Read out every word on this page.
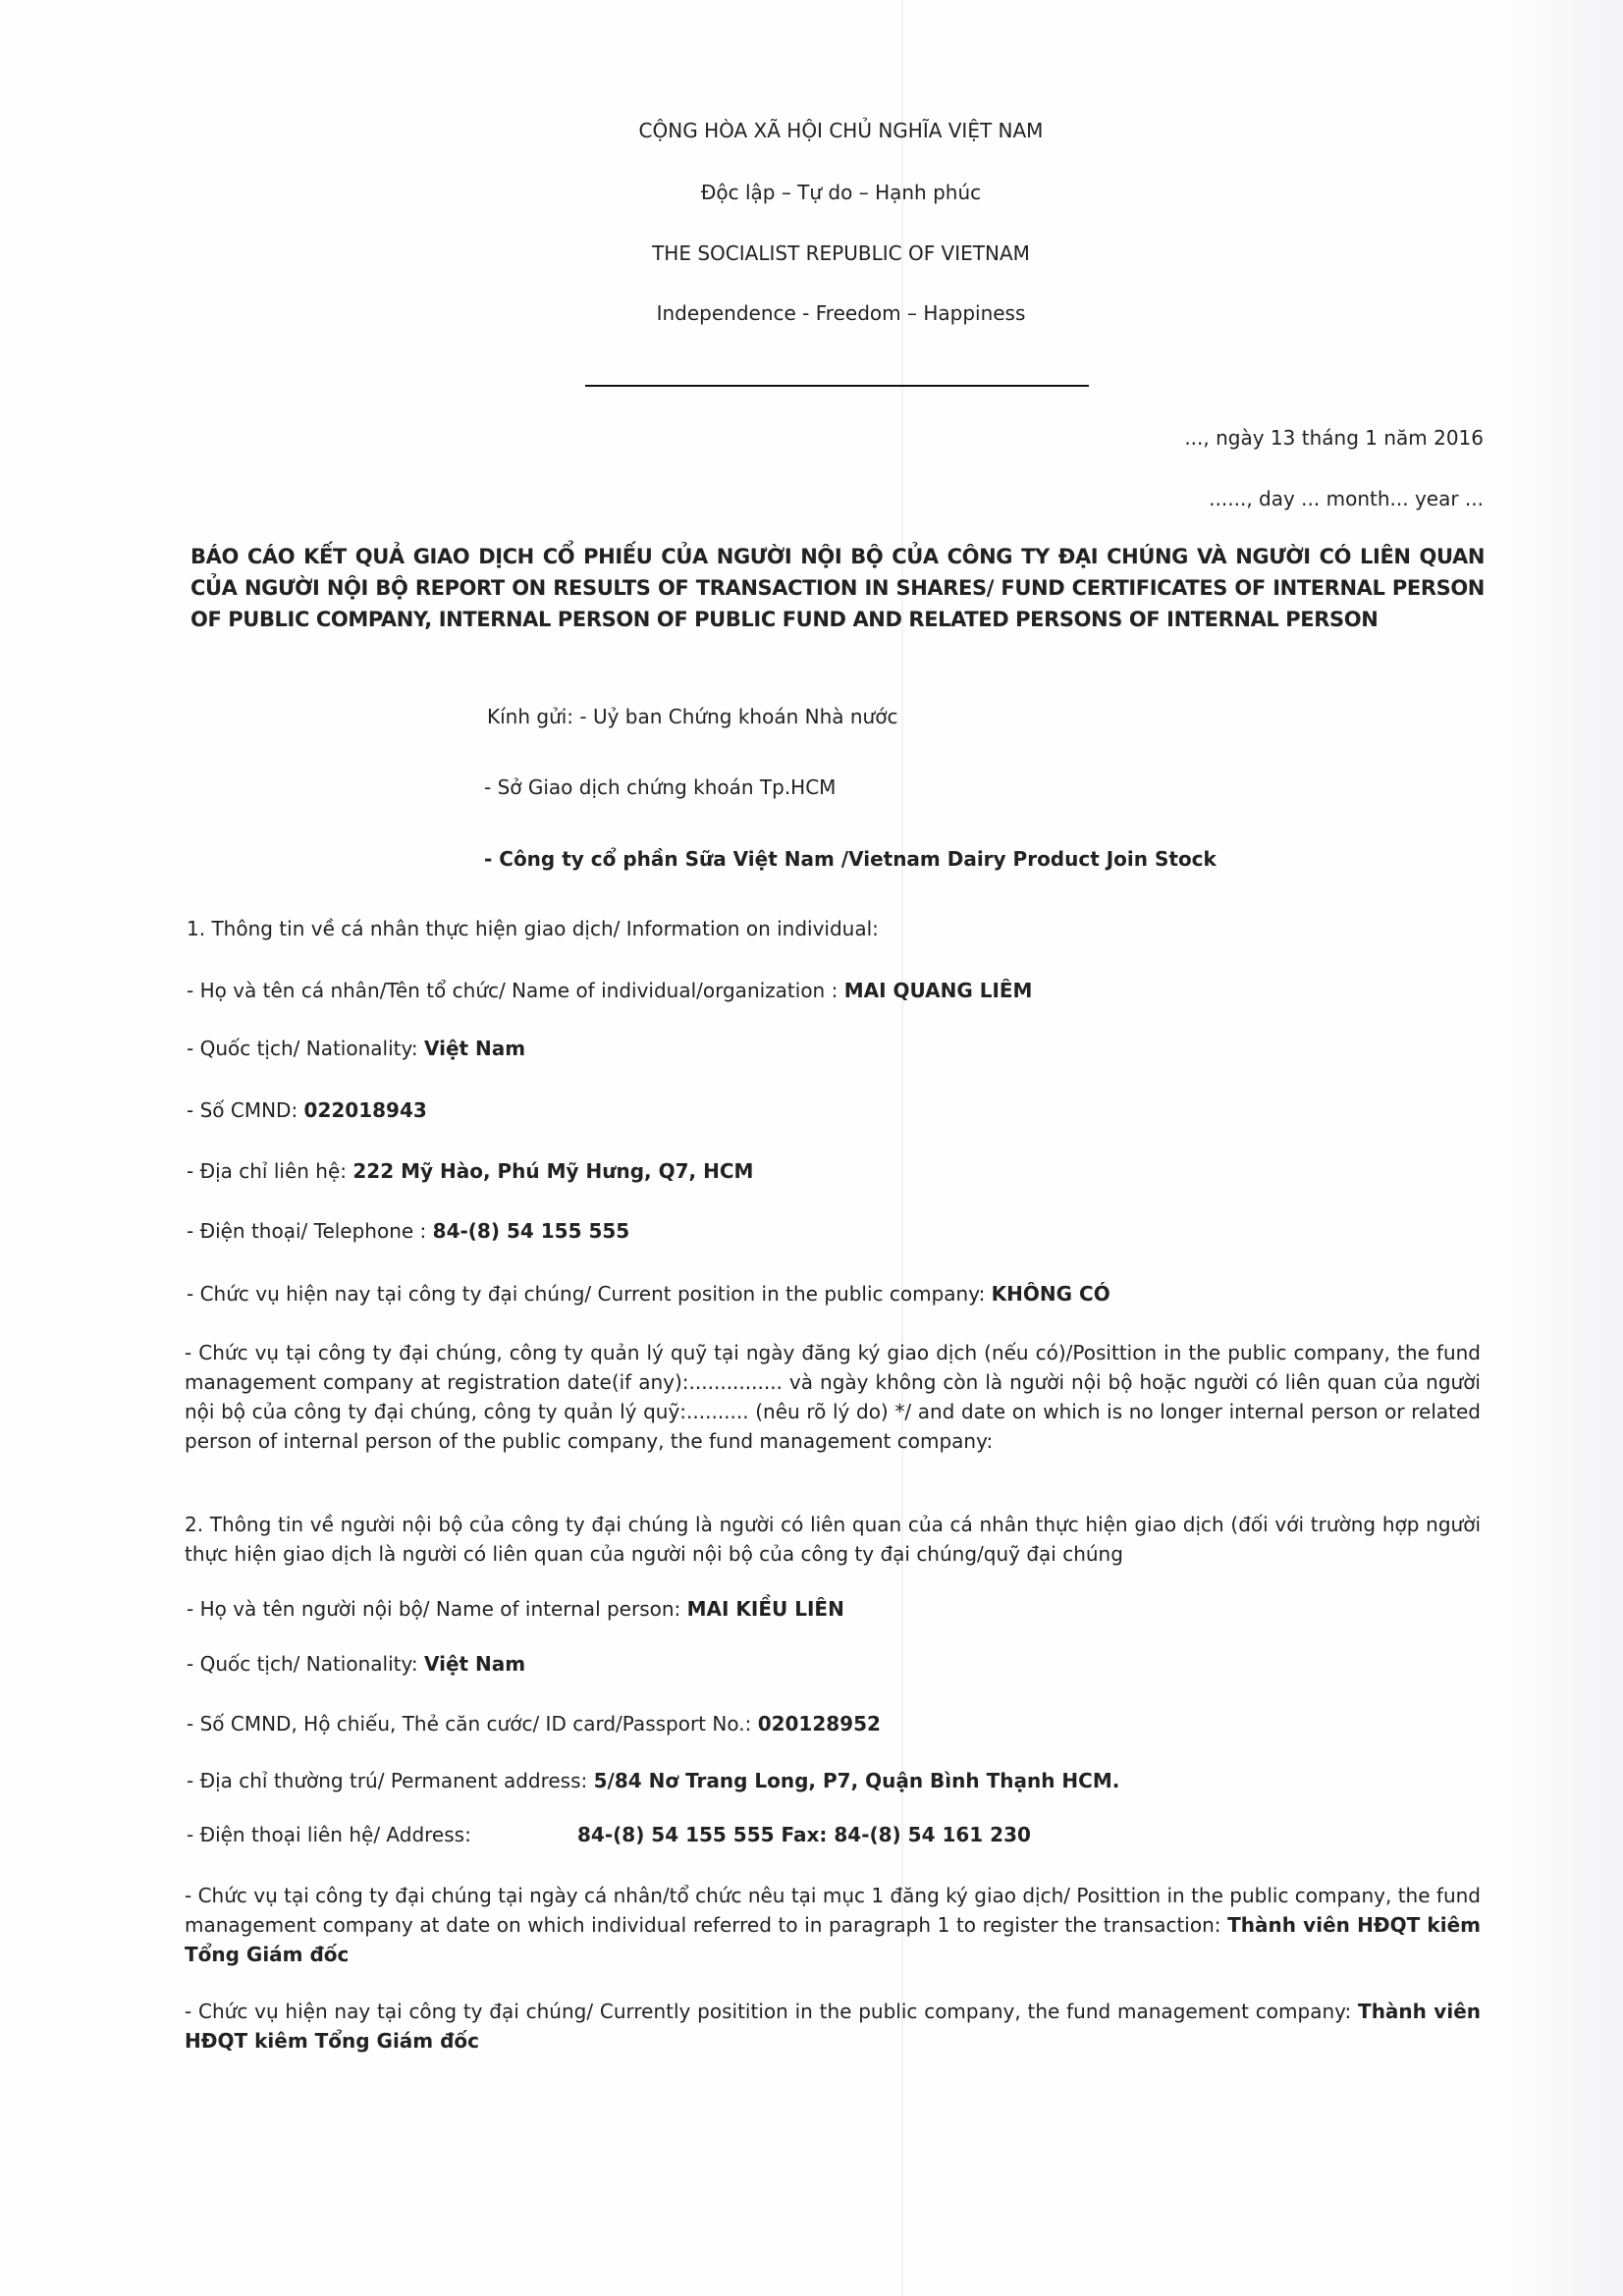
CỘNG HÒA XÃ HỘI CHỦ NGHĨA VIỆT NAM
Độc lập – Tự do – Hạnh phúc
THE SOCIALIST REPUBLIC OF VIETNAM
Independence - Freedom – Happiness
..., ngày 13 tháng 1 năm 2016
......, day ... month... year ...
BÁO CÁO KẾT QUẢ GIAO DỊCH CỔ PHIẾU CỦA NGƯỜI NỘI BỘ CỦA CÔNG TY ĐẠI CHÚNG VÀ NGƯỜI CÓ LIÊN QUAN CỦA NGƯỜI NỘI BỘ REPORT ON RESULTS OF TRANSACTION IN SHARES/ FUND CERTIFICATES OF INTERNAL PERSON OF PUBLIC COMPANY, INTERNAL PERSON OF PUBLIC FUND AND RELATED PERSONS OF INTERNAL PERSON
Kính gửi: - Uỷ ban Chứng khoán Nhà nước
- Sở Giao dịch chứng khoán Tp.HCM
- Công ty cổ phần Sữa Việt Nam /Vietnam Dairy Product Join Stock
1. Thông tin về cá nhân thực hiện giao dịch/ Information on individual:
- Họ và tên cá nhân/Tên tổ chức/ Name of individual/organization : MAI QUANG LIÊM
- Quốc tịch/ Nationality: Việt Nam
- Số CMND: 022018943
- Địa chỉ liên hệ: 222 Mỹ Hào, Phú Mỹ Hưng, Q7, HCM
- Điện thoại/ Telephone : 84-(8) 54 155 555
- Chức vụ hiện nay tại công ty đại chúng/ Current position in the public company: KHÔNG CÓ
- Chức vụ tại công ty đại chúng, công ty quản lý quỹ tại ngày đăng ký giao dịch (nếu có)/Posittion in the public company, the fund management company at registration date(if any):............... và ngày không còn là người nội bộ hoặc người có liên quan của người nội bộ của công ty đại chúng, công ty quản lý quỹ:.......... (nêu rõ lý do) */ and date on which is no longer internal person or related person of internal person of the public company, the fund management company:
2. Thông tin về người nội bộ của công ty đại chúng là người có liên quan của cá nhân thực hiện giao dịch (đối với trường hợp người thực hiện giao dịch là người có liên quan của người nội bộ của công ty đại chúng/quỹ đại chúng
- Họ và tên người nội bộ/ Name of internal person: MAI KIỀU LIÊN
- Quốc tịch/ Nationality: Việt Nam
- Số CMND, Hộ chiếu, Thẻ căn cước/ ID card/Passport No.: 020128952
- Địa chỉ thường trú/ Permanent address: 5/84 Nơ Trang Long, P7, Quận Bình Thạnh HCM.
- Điện thoại liên hệ/ Address:	84-(8) 54 155 555 Fax: 84-(8) 54 161 230
- Chức vụ tại công ty đại chúng tại ngày cá nhân/tổ chức nêu tại mục 1 đăng ký giao dịch/ Posittion in the public company, the fund management company at date on which individual referred to in paragraph 1 to register the transaction: Thành viên HĐQT kiêm Tổng Giám đốc
- Chức vụ hiện nay tại công ty đại chúng/ Currently positition in the public company, the fund management company: Thành viên HĐQT kiêm Tổng Giám đốc
